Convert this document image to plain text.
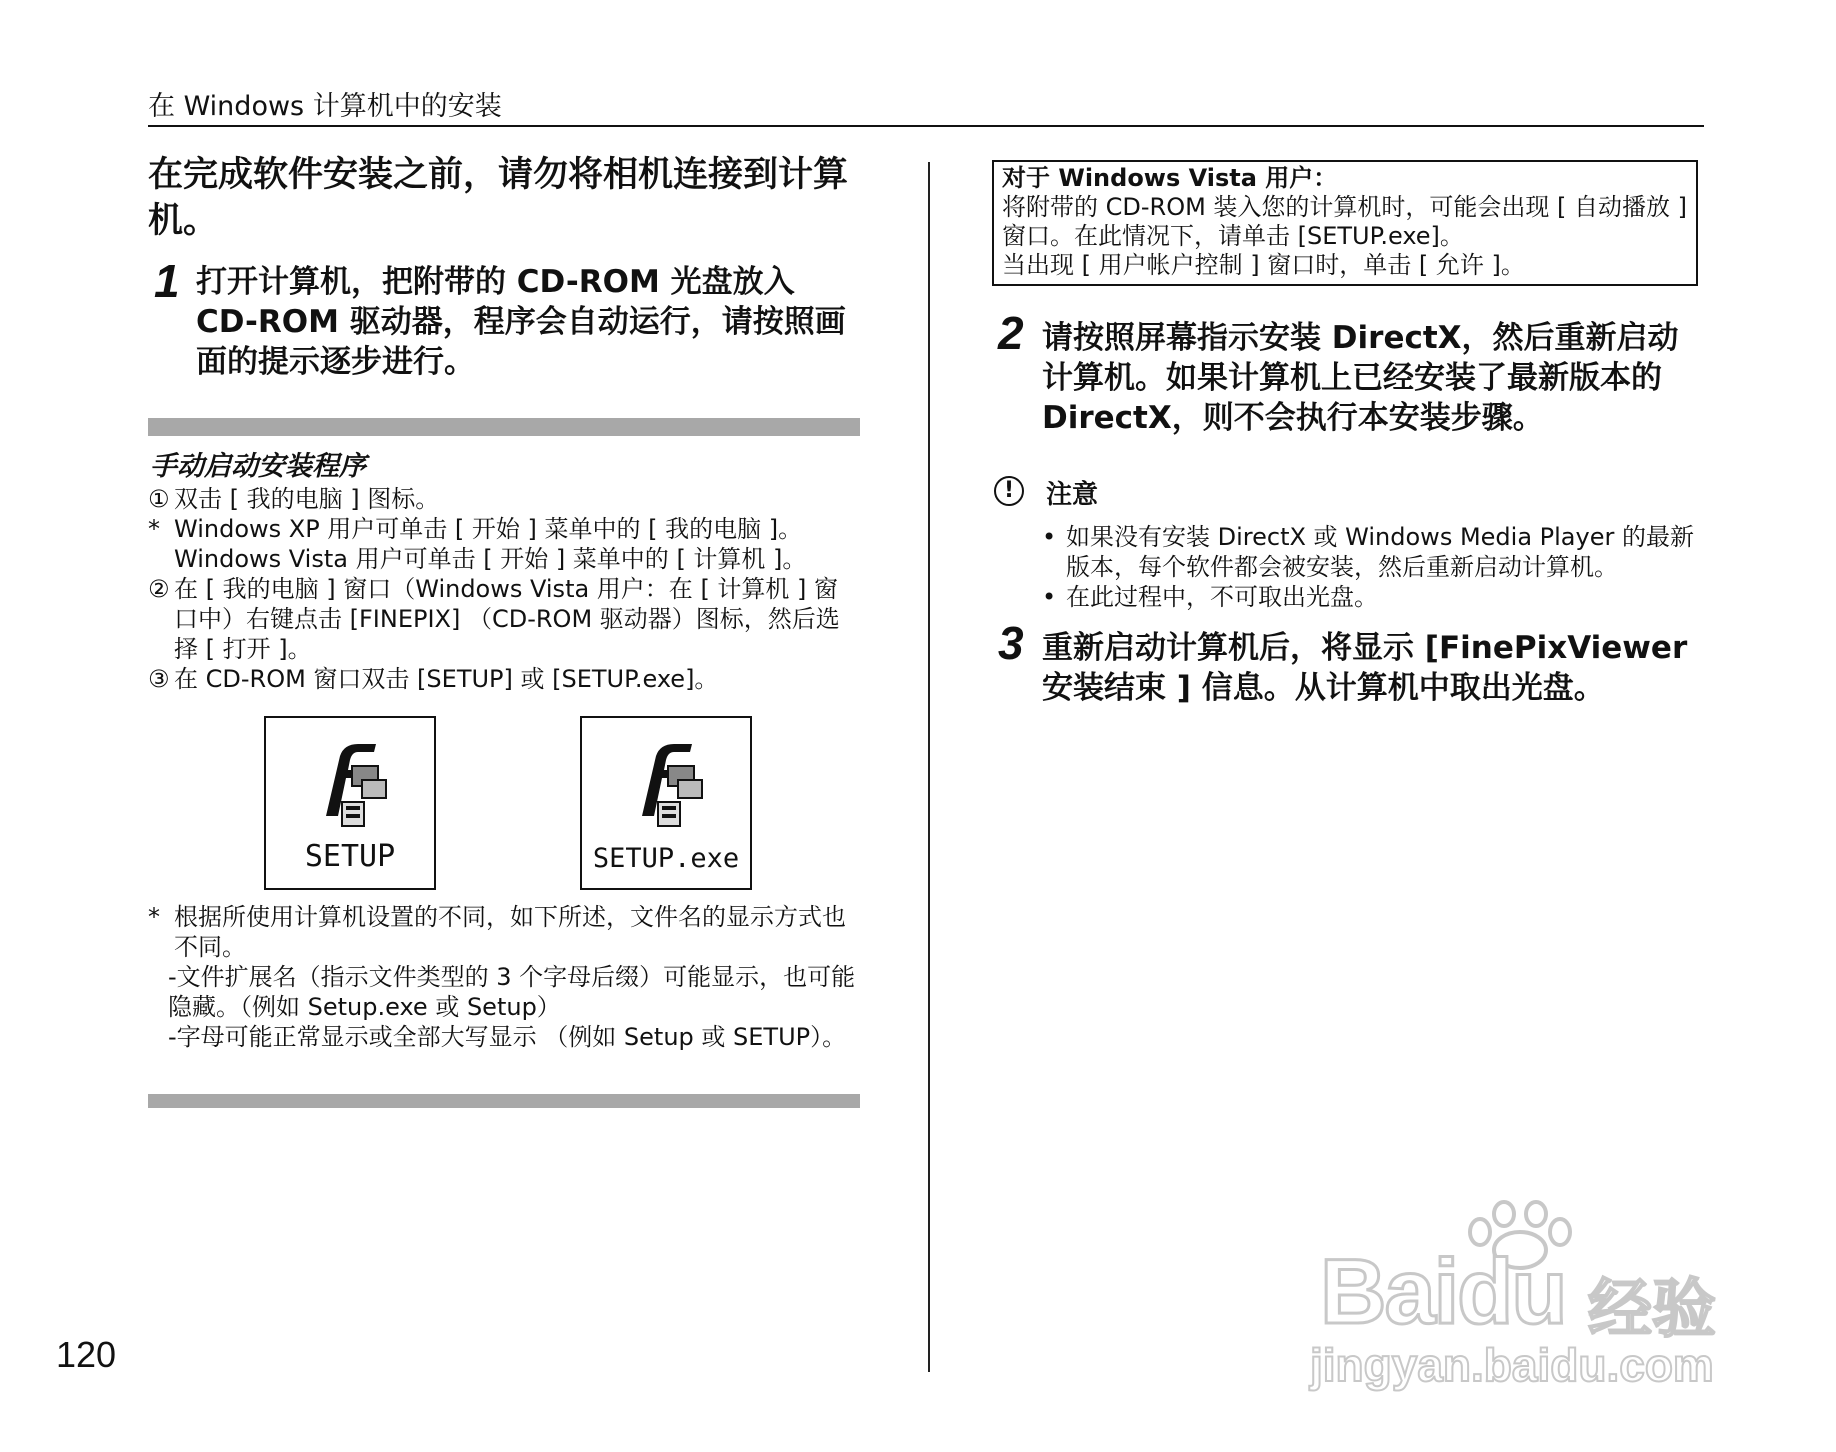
在 Windows 计算机中的安装
在完成软件安装之前，请勿将相机连接到计算机。
1 打开计算机，把附带的 CD-ROM 光盘放入 CD-ROM 驱动器，程序会自动运行，请按照画面的提示逐步进行。

手动启动安装程序
① 双击 [ 我的电脑 ] 图标。
* Windows XP 用户可单击 [ 开始 ] 菜单中的 [ 我的电脑 ]。
Windows Vista 用户可单击 [ 开始 ] 菜单中的 [ 计算机 ]。
② 在 [ 我的电脑 ] 窗口（Windows Vista 用户：在 [ 计算机 ] 窗口中）右键点击 [FINEPIX] （CD-ROM 驱动器）图标，然后选择 [ 打开 ]。
③ 在 CD-ROM 窗口双击 [SETUP] 或 [SETUP.exe]。
SETUP	SETUP.exe
* 根据所使用计算机设置的不同，如下所述，文件名的显示方式也不同。
-文件扩展名（指示文件类型的 3 个字母后缀）可能显示，也可能隐藏。（例如 Setup.exe 或 Setup）
-字母可能正常显示或全部大写显示 （例如 Setup 或 SETUP）。
120
对于 Windows Vista 用户：
将附带的 CD-ROM 装入您的计算机时，可能会出现 [ 自动播放 ] 窗口。在此情况下，请单击 [SETUP.exe]。
当出现 [ 用户帐户控制 ] 窗口时，单击 [ 允许 ]。
2 请按照屏幕指示安装 DirectX，然后重新启动计算机。如果计算机上已经安装了最新版本的 DirectX，则不会执行本安装步骤。

!	注意
• 如果没有安装 DirectX 或 Windows Media Player 的最新版本，每个软件都会被安装，然后重新启动计算机。
• 在此过程中，不可取出光盘。
3 重新启动计算机后，将显示 [FinePixViewer 安装结束 ] 信息。从计算机中取出光盘。

Baidu 经验
jingyan.baidu.com
